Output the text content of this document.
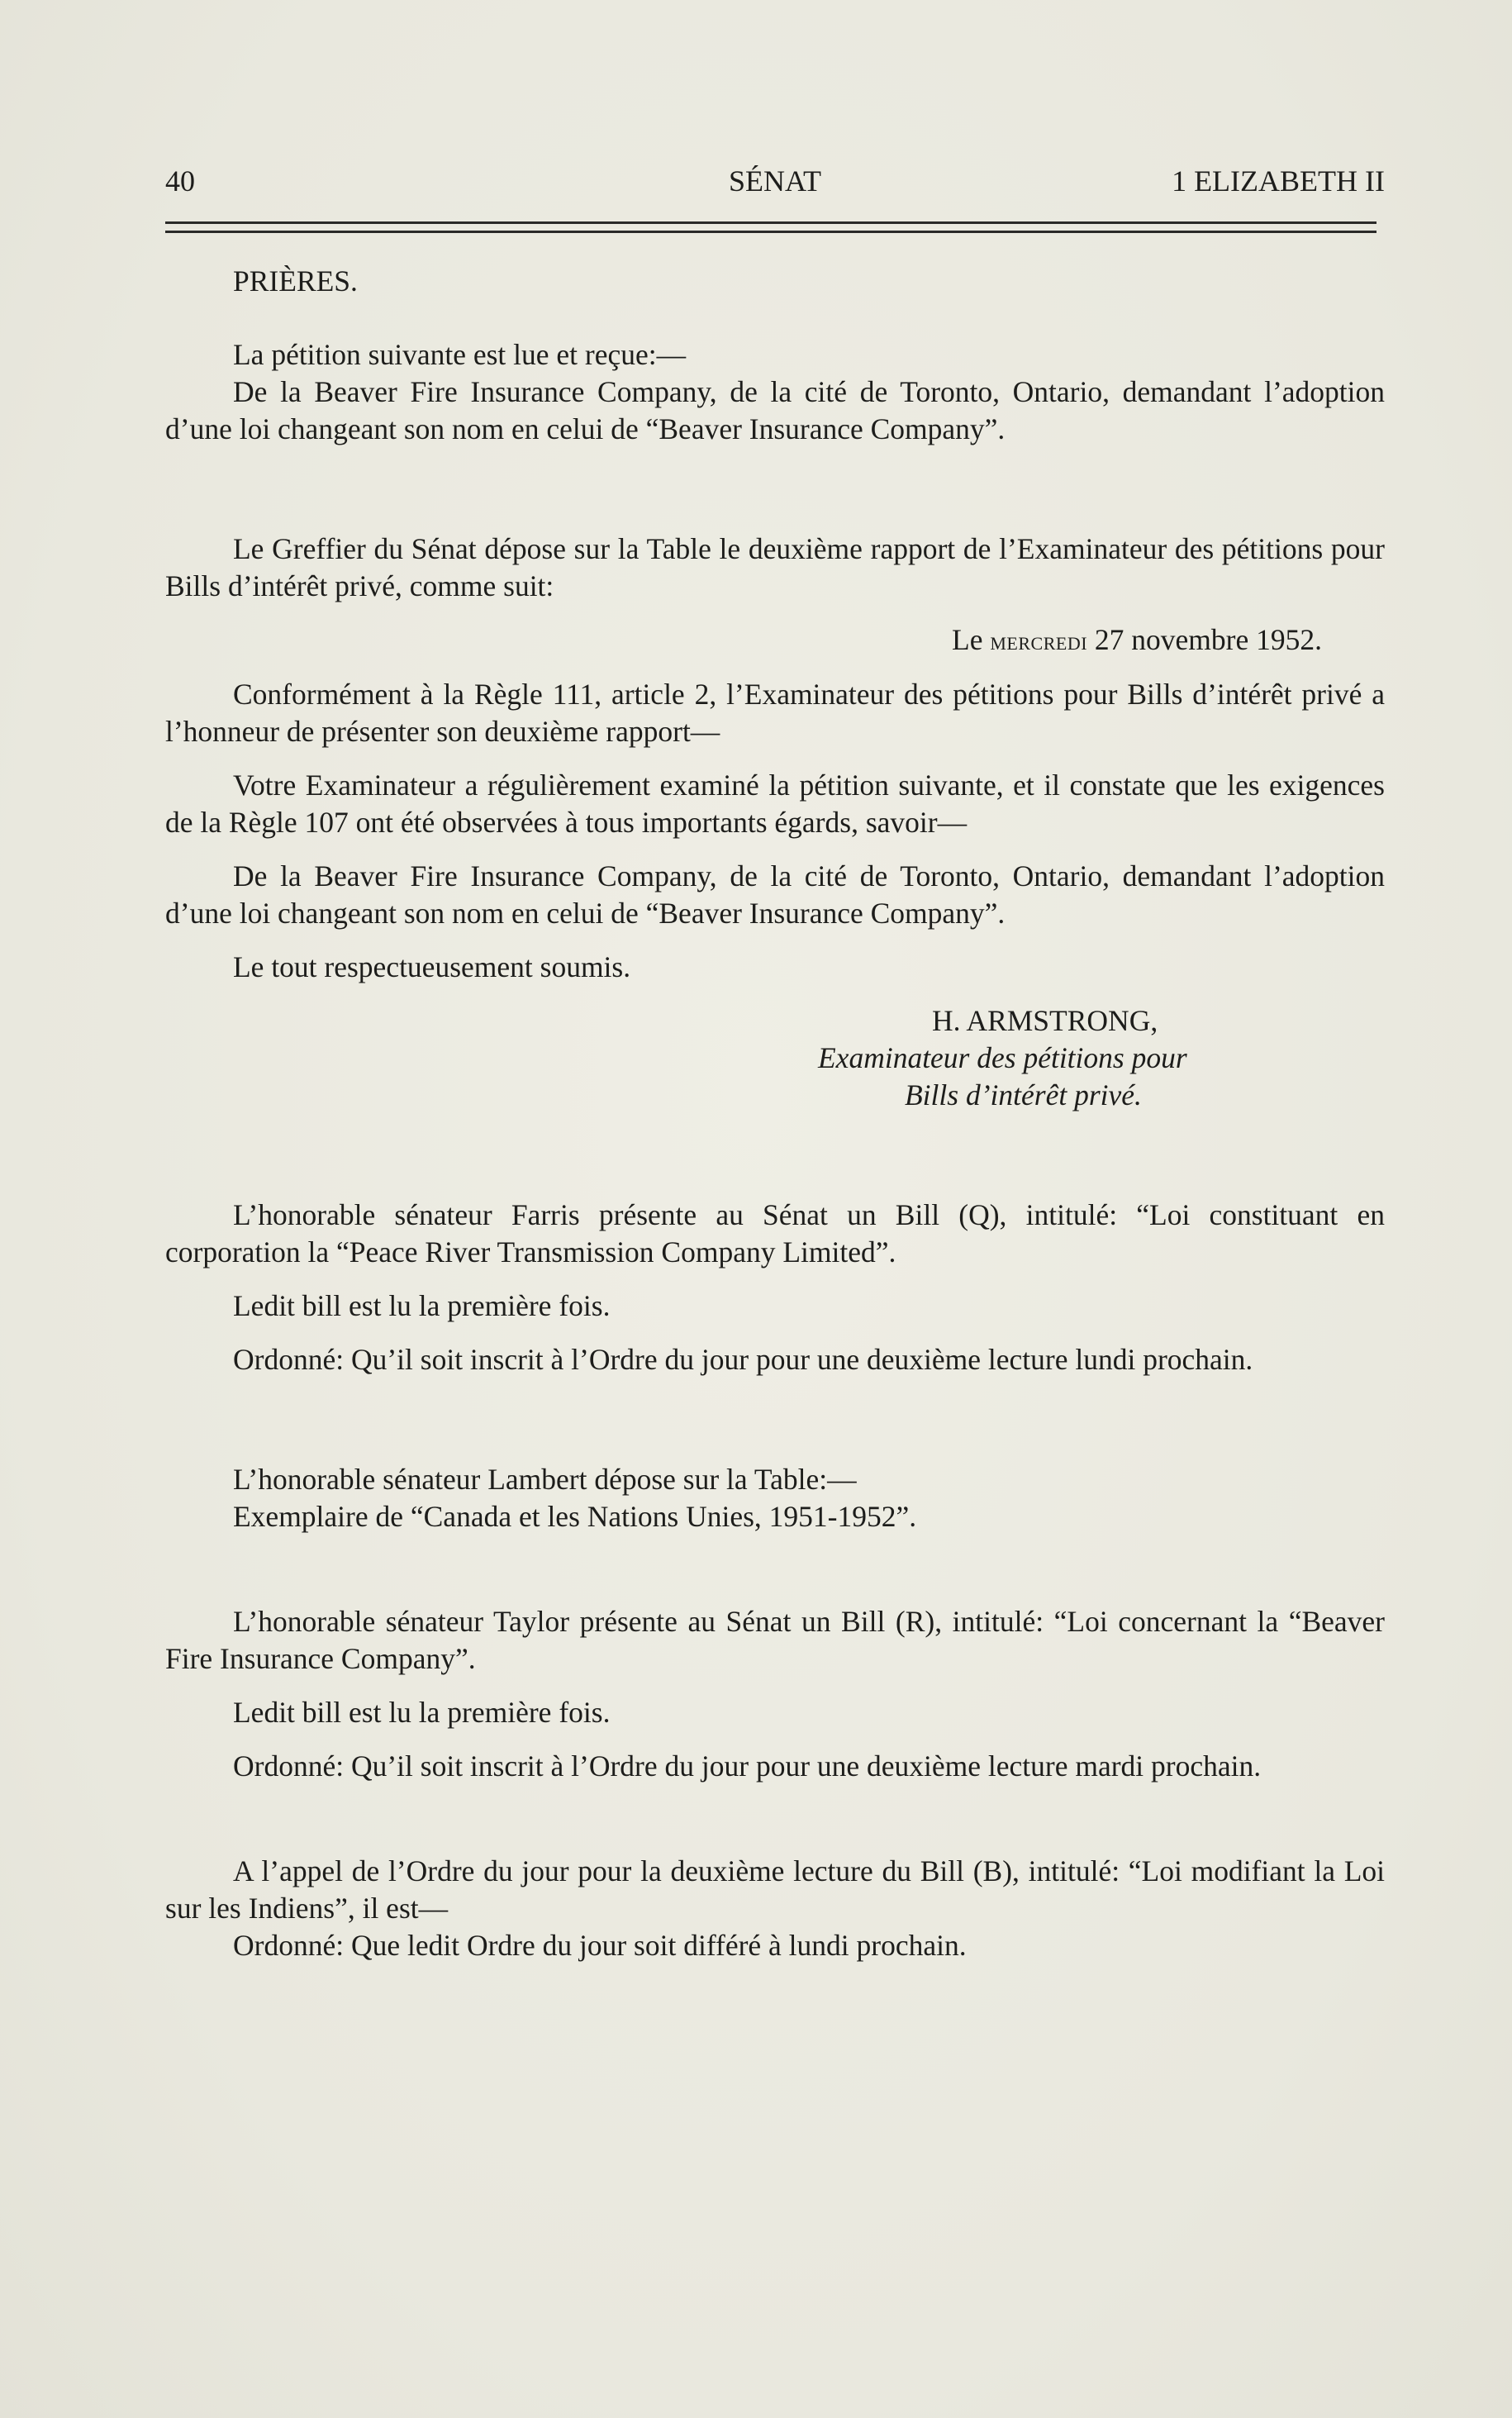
40	SÉNAT	1 ELIZABETH II

PRIÈRES.

La pétition suivante est lue et reçue:—

De la Beaver Fire Insurance Company, de la cité de Toronto, Ontario, demandant l’adoption d’une loi changeant son nom en celui de “Beaver Insurance Company”.

Le Greffier du Sénat dépose sur la Table le deuxième rapport de l’Examinateur des pétitions pour Bills d’intérêt privé, comme suit:

Le mercredi 27 novembre 1952.

Conformément à la Règle 111, article 2, l’Examinateur des pétitions pour Bills d’intérêt privé a l’honneur de présenter son deuxième rapport—

Votre Examinateur a régulièrement examiné la pétition suivante, et il constate que les exigences de la Règle 107 ont été observées à tous importants égards, savoir—

De la Beaver Fire Insurance Company, de la cité de Toronto, Ontario, demandant l’adoption d’une loi changeant son nom en celui de “Beaver Insurance Company”.

Le tout respectueusement soumis.

H. ARMSTRONG,
Examinateur des pétitions pour
Bills d’intérêt privé.

L’honorable sénateur Farris présente au Sénat un Bill (Q), intitulé: “Loi constituant en corporation la “Peace River Transmission Company Limited”.

Ledit bill est lu la première fois.

Ordonné: Qu’il soit inscrit à l’Ordre du jour pour une deuxième lecture lundi prochain.

L’honorable sénateur Lambert dépose sur la Table:—

Exemplaire de “Canada et les Nations Unies, 1951-1952”.

L’honorable sénateur Taylor présente au Sénat un Bill (R), intitulé: “Loi concernant la “Beaver Fire Insurance Company”.

Ledit bill est lu la première fois.

Ordonné: Qu’il soit inscrit à l’Ordre du jour pour une deuxième lecture mardi prochain.

A l’appel de l’Ordre du jour pour la deuxième lecture du Bill (B), intitulé: “Loi modifiant la Loi sur les Indiens”, il est—

Ordonné: Que ledit Ordre du jour soit différé à lundi prochain.
